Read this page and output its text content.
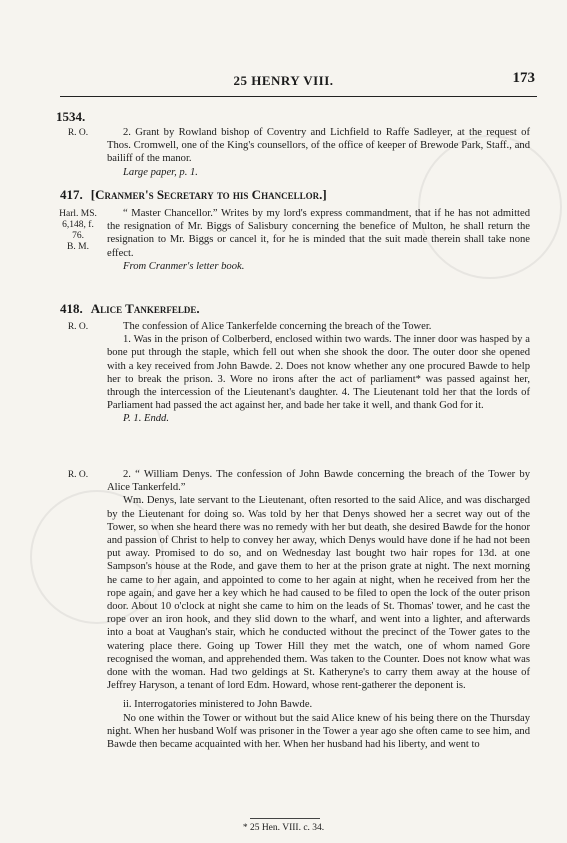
25 HENRY VIII.	173
1534.
R. O.	2. Grant by Rowland bishop of Coventry and Lichfield to Raffe Sadleyer, at the request of Thos. Cromwell, one of the King's counsellors, of the office of keeper of Brewode Park, Staff., and bailiff of the manor.

Large paper, p. 1.

417. [Cranmer's Secretary to his Chancellor.]
Harl. MS.
6,148, f. 76.
B. M.

“ Master Chancellor.” Writes by my lord's express commandment, that if he has not admitted the resignation of Mr. Biggs of Salisbury concerning the benefice of Multon, he shall return the resignation to Mr. Biggs or cancel it, for he is minded that the suit made therein shall take none effect.

From Cranmer's letter book.

418. Alice Tankerfelde.
R. O.	The confession of Alice Tankerfelde concerning the breach of the Tower.

1. Was in the prison of Colberberd, enclosed within two wards. The inner door was hasped by a bone put through the staple, which fell out when she shook the door. The outer door she opened with a key received from John Bawde. 2. Does not know whether any one procured Bawde to help her to break the prison. 3. Wore no irons after the act of parliament* was passed against her, through the intercession of the Lieutenant's daughter. 4. The Lieutenant told her that the lords of Parliament had passed the act against her, and bade her take it well, and thank God for it.

P. 1. Endd.

R. O.	2. “ William Denys. The confession of John Bawde concerning the breach of the Tower by Alice Tankerfeld.”

Wm. Denys, late servant to the Lieutenant, often resorted to the said Alice, and was discharged by the Lieutenant for doing so. Was told by her that Denys showed her a secret way out of the Tower, so when she heard there was no remedy with her but death, she desired Bawde for the honor and passion of Christ to help to convey her away, which Denys would have done if he had not been put away. Promised to do so, and on Wednesday last bought two hair ropes for 13d. at one Sampson's house at the Rode, and gave them to her at the prison grate at night. The next morning he came to her again, and appointed to come to her again at night, when he received from her the rope again, and gave her a key which he had caused to be filed to open the lock of the outer prison door. About 10 o'clock at night she came to him on the leads of St. Thomas' tower, and he cast the rope over an iron hook, and they slid down to the wharf, and went into a lighter, and afterwards into a boat at Vaughan's stair, which he conducted without the precinct of the Tower gates to the watering place there. Going up Tower Hill they met the watch, one of whom named Gore recognised the woman, and apprehended them. Was taken to the Counter. Does not know what was done with the woman. Had two geldings at St. Katheryne's to carry them away at the house of Jeffrey Haryson, a tenant of lord Edm. Howard, whose rent-gatherer the deponent is.

ii. Interrogatories ministered to John Bawde.

No one within the Tower or without but the said Alice knew of his being there on the Thursday night. When her husband Wolf was prisoner in the Tower a year ago she often came to see him, and Bawde then became acquainted with her. When her husband had his liberty, and went to

* 25 Hen. VIII. c. 34.
